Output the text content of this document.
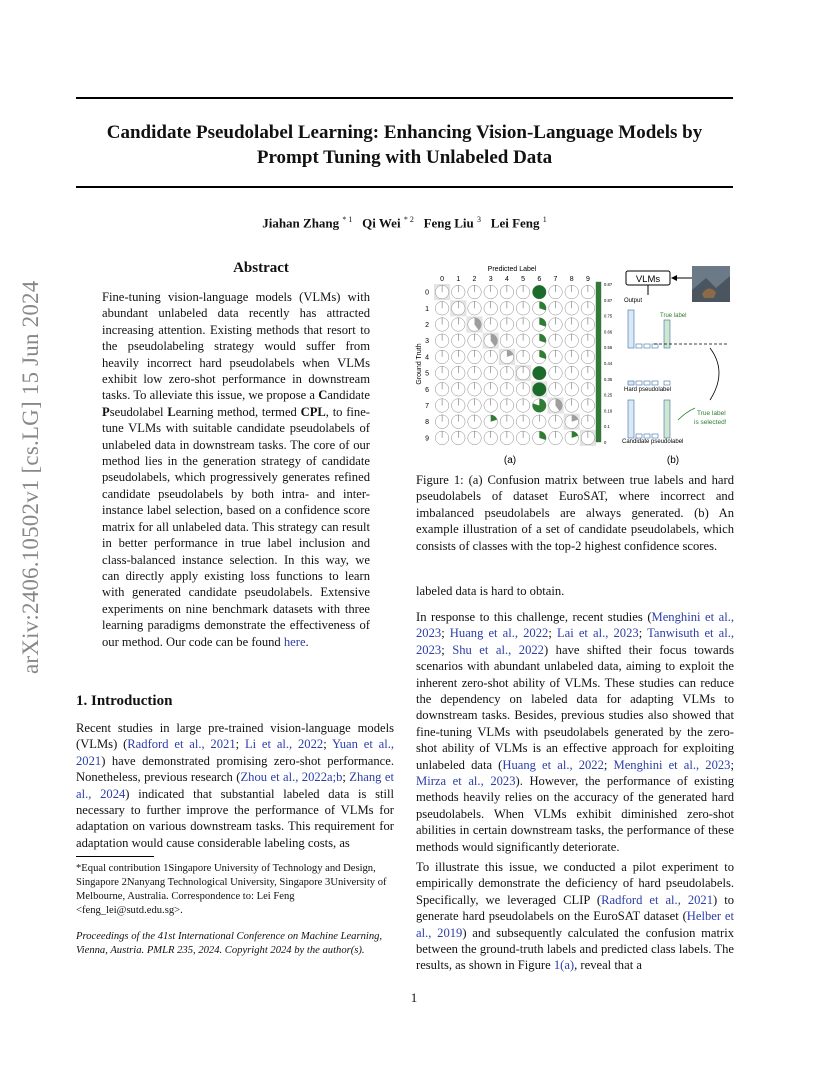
Candidate Pseudolabel Learning: Enhancing Vision-Language Models by
Prompt Tuning with Unlabeled Data
Jiahan Zhang $^{* 1}$ Qi Wei $^{* 2}$ Feng Liu $^3$ Lei Feng $^1$
arXiv:2406.10502v1 [cs.LG] 15 Jun 2024
Abstract
Fine-tuning vision-language models (VLMs) with abundant unlabeled data recently has attracted increasing attention. Existing methods that resort to the pseudolabeling strategy would suffer from heavily incorrect hard pseudolabels when VLMs exhibit low zero-shot performance in downstream tasks. To alleviate this issue, we propose a Candidate Pseudolabel Learning method, termed CPL, to fine-tune VLMs with suitable candidate pseudolabels of unlabeled data in downstream tasks. The core of our method lies in the generation strategy of candidate pseudolabels, which progressively generates refined candidate pseudolabels by both intra- and inter-instance label selection, based on a confidence score matrix for all unlabeled data. This strategy can result in better performance in true label inclusion and class-balanced instance selection. In this way, we can directly apply existing loss functions to learn with generated candidate pseudolabels. Extensive experiments on nine benchmark datasets with three learning paradigms demonstrate the effectiveness of our method. Our code can be found here.
1. Introduction
Recent studies in large pre-trained vision-language models (VLMs) (Radford et al., 2021; Li et al., 2022; Yuan et al., 2021) have demonstrated promising zero-shot performance. Nonetheless, previous research (Zhou et al., 2022a;b; Zhang et al., 2024) indicated that substantial labeled data is still necessary to further improve the performance of VLMs for adaptation on various downstream tasks. This requirement for adaptation would cause considerable labeling costs, as
*Equal contribution 1Singapore University of Technology and Design, Singapore 2Nanyang Technological University, Singapore 3University of Melbourne, Australia. Correspondence to: Lei Feng <feng_lei@sutd.edu.sg>.
Proceedings of the 41st International Conference on Machine Learning, Vienna, Austria. PMLR 235, 2024. Copyright 2024 by the author(s).
0
0
1
1
2
2
3
3
4
4
5
5
6
6
7
7
8
8
9
9
Predicted Label
Ground Truth
0.87
0.87
0.75
0.66
0.56
0.44
0.35
0.25
0.16
0.1
0
(a)
VLMs
Output
True label
Hard pseudolabel
Candidate pseudolabel
True label
is selected!
(b)
Figure 1: (a) Confusion matrix between true labels and hard pseudolabels of dataset EuroSAT, where incorrect and imbalanced pseudolabels are always generated. (b) An example illustration of a set of candidate pseudolabels, which consists of classes with the top-2 highest confidence scores.
labeled data is hard to obtain.
In response to this challenge, recent studies (Menghini et al., 2023; Huang et al., 2022; Lai et al., 2023; Tanwisuth et al., 2023; Shu et al., 2022) have shifted their focus towards scenarios with abundant unlabeled data, aiming to exploit the inherent zero-shot ability of VLMs. These studies can reduce the dependency on labeled data for adapting VLMs to downstream tasks. Besides, previous studies also showed that fine-tuning VLMs with pseudolabels generated by the zero-shot ability of VLMs is an effective approach for exploiting unlabeled data (Huang et al., 2022; Menghini et al., 2023; Mirza et al., 2023). However, the performance of existing methods heavily relies on the accuracy of the generated hard pseudolabels. When VLMs exhibit diminished zero-shot abilities in certain downstream tasks, the performance of these methods would significantly deteriorate.
To illustrate this issue, we conducted a pilot experiment to empirically demonstrate the deficiency of hard pseudolabels. Specifically, we leveraged CLIP (Radford et al., 2021) to generate hard pseudolabels on the EuroSAT dataset (Helber et al., 2019) and subsequently calculated the confusion matrix between the ground-truth labels and predicted class labels. The results, as shown in Figure 1(a), reveal that a
1
